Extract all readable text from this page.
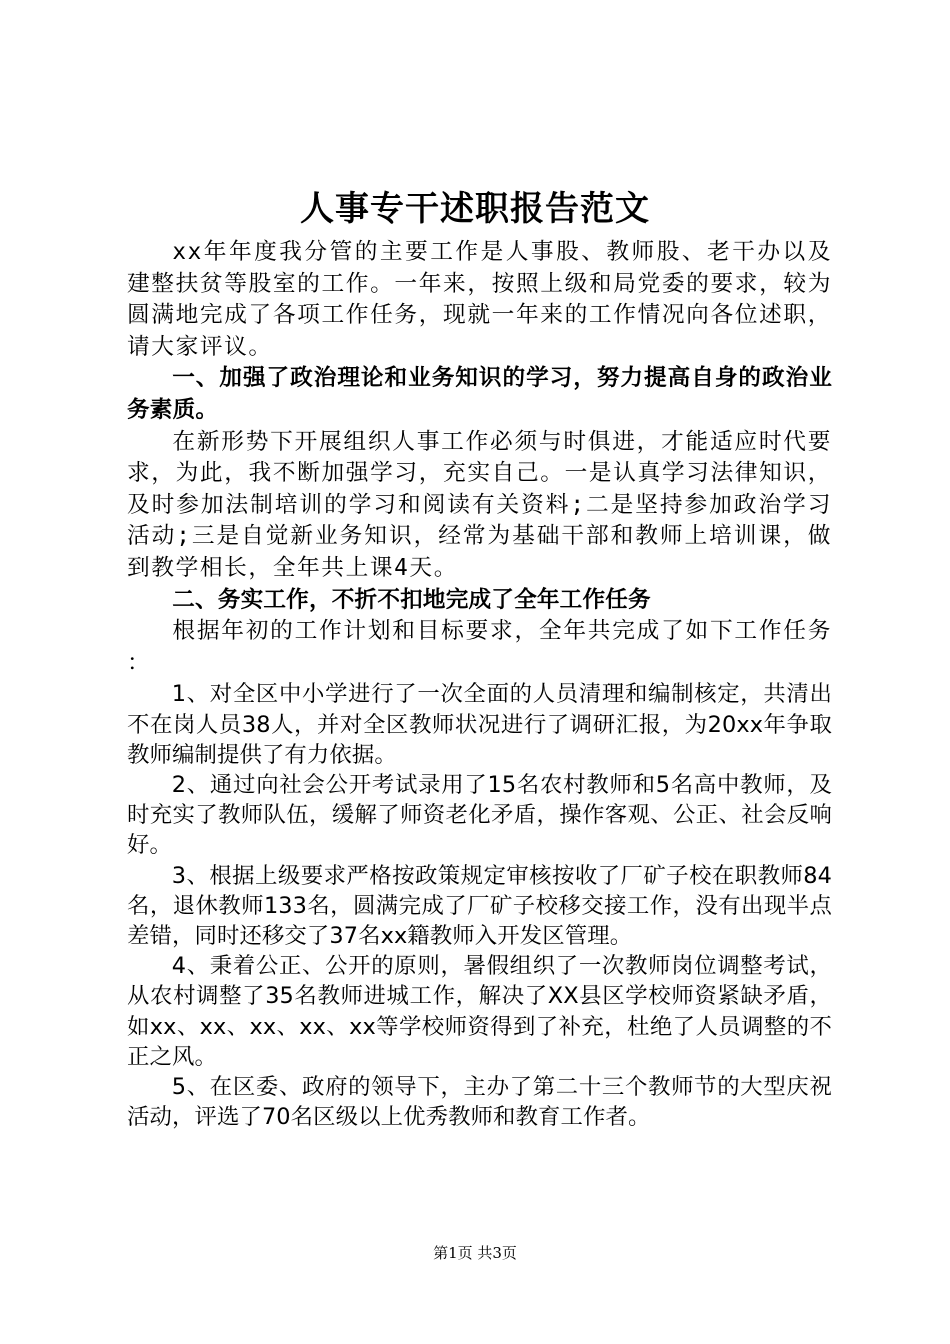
人事专干述职报告范文

xx年年度我分管的主要工作是人事股、教师股、老干办以及建整扶贫等股室的工作。一年来，按照上级和局党委的要求，较为圆满地完成了各项工作任务，现就一年来的工作情况向各位述职，请大家评议。

一、加强了政治理论和业务知识的学习，努力提高自身的政治业务素质。

在新形势下开展组织人事工作必须与时俱进，才能适应时代要求，为此，我不断加强学习，充实自己。一是认真学习法律知识，及时参加法制培训的学习和阅读有关资料;二是坚持参加政治学习活动;三是自觉新业务知识，经常为基础干部和教师上培训课，做到教学相长，全年共上课4天。

二、务实工作，不折不扣地完成了全年工作任务

根据年初的工作计划和目标要求，全年共完成了如下工作任务：

1、对全区中小学进行了一次全面的人员清理和编制核定，共清出不在岗人员38人，并对全区教师状况进行了调研汇报，为20xx年争取教师编制提供了有力依据。

2、通过向社会公开考试录用了15名农村教师和5名高中教师，及时充实了教师队伍，缓解了师资老化矛盾，操作客观、公正、社会反响好。

3、根据上级要求严格按政策规定审核按收了厂矿子校在职教师84名，退休教师133名，圆满完成了厂矿子校移交接工作，没有出现半点差错，同时还移交了37名xx籍教师入开发区管理。

4、秉着公正、公开的原则，暑假组织了一次教师岗位调整考试，从农村调整了35名教师进城工作，解决了XX县区学校师资紧缺矛盾，如xx、xx、xx、xx、xx等学校师资得到了补充，杜绝了人员调整的不正之风。

5、在区委、政府的领导下，主办了第二十三个教师节的大型庆祝活动，评选了70名区级以上优秀教师和教育工作者。

第1页 共3页
